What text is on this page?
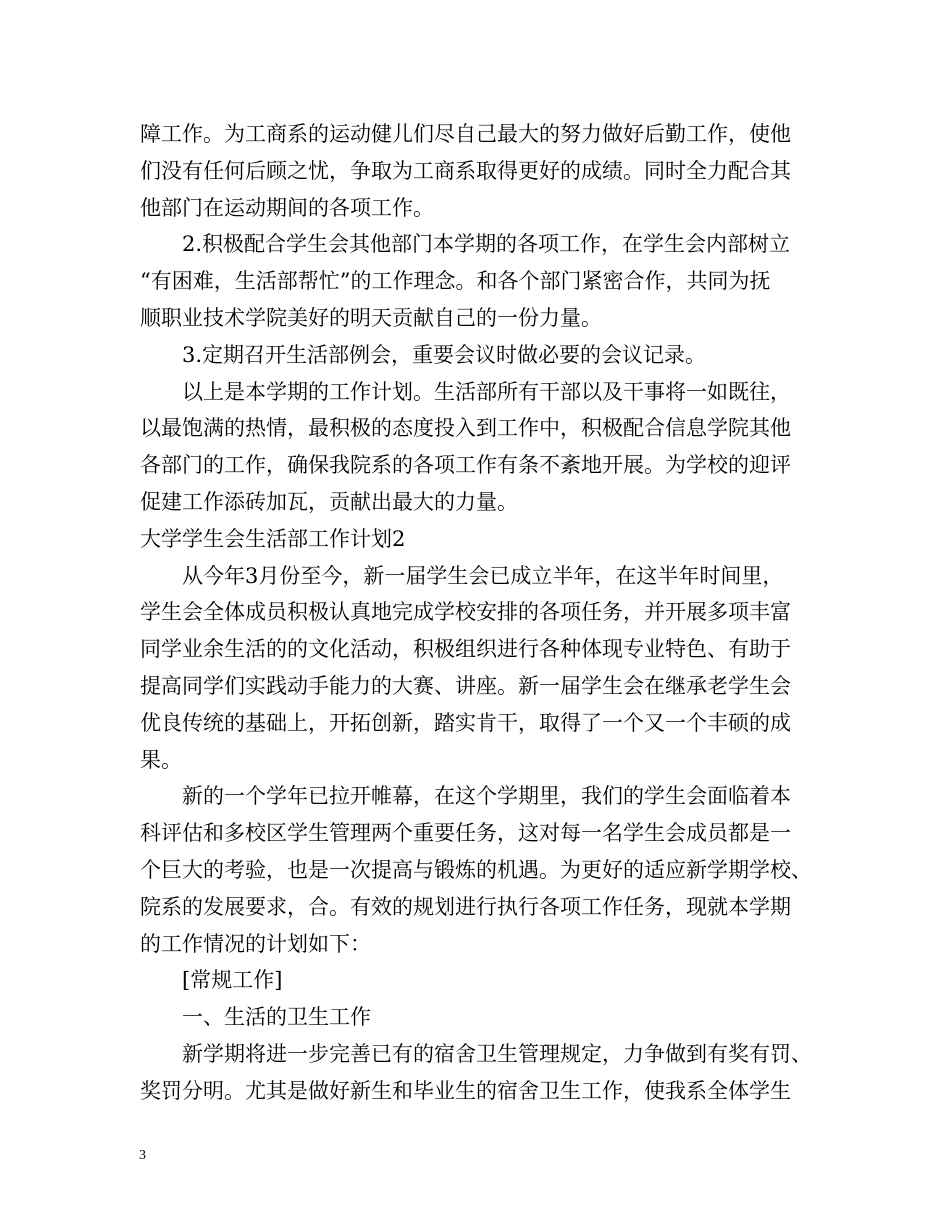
障工作。为工商系的运动健儿们尽自己最大的努力做好后勤工作，使他
们没有任何后顾之忧，争取为工商系取得更好的成绩。同时全力配合其
他部门在运动期间的各项工作。
2.积极配合学生会其他部门本学期的各项工作，在学生会内部树立
“有困难，生活部帮忙”的工作理念。和各个部门紧密合作，共同为抚
顺职业技术学院美好的明天贡献自己的一份力量。
3.定期召开生活部例会，重要会议时做必要的会议记录。
以上是本学期的工作计划。生活部所有干部以及干事将一如既往，
以最饱满的热情，最积极的态度投入到工作中，积极配合信息学院其他
各部门的工作，确保我院系的各项工作有条不紊地开展。为学校的迎评
促建工作添砖加瓦，贡献出最大的力量。
大学学生会生活部工作计划2
从今年3月份至今，新一届学生会已成立半年，在这半年时间里，
学生会全体成员积极认真地完成学校安排的各项任务，并开展多项丰富
同学业余生活的的文化活动，积极组织进行各种体现专业特色、有助于
提高同学们实践动手能力的大赛、讲座。新一届学生会在继承老学生会
优良传统的基础上，开拓创新，踏实肯干，取得了一个又一个丰硕的成
果。
新的一个学年已拉开帷幕，在这个学期里，我们的学生会面临着本
科评估和多校区学生管理两个重要任务，这对每一名学生会成员都是一
个巨大的考验，也是一次提高与锻炼的机遇。为更好的适应新学期学校、
院系的发展要求，合。有效的规划进行执行各项工作任务，现就本学期
的工作情况的计划如下：
[常规工作]
一、生活的卫生工作
新学期将进一步完善已有的宿舍卫生管理规定，力争做到有奖有罚、
奖罚分明。尤其是做好新生和毕业生的宿舍卫生工作，使我系全体学生
3
